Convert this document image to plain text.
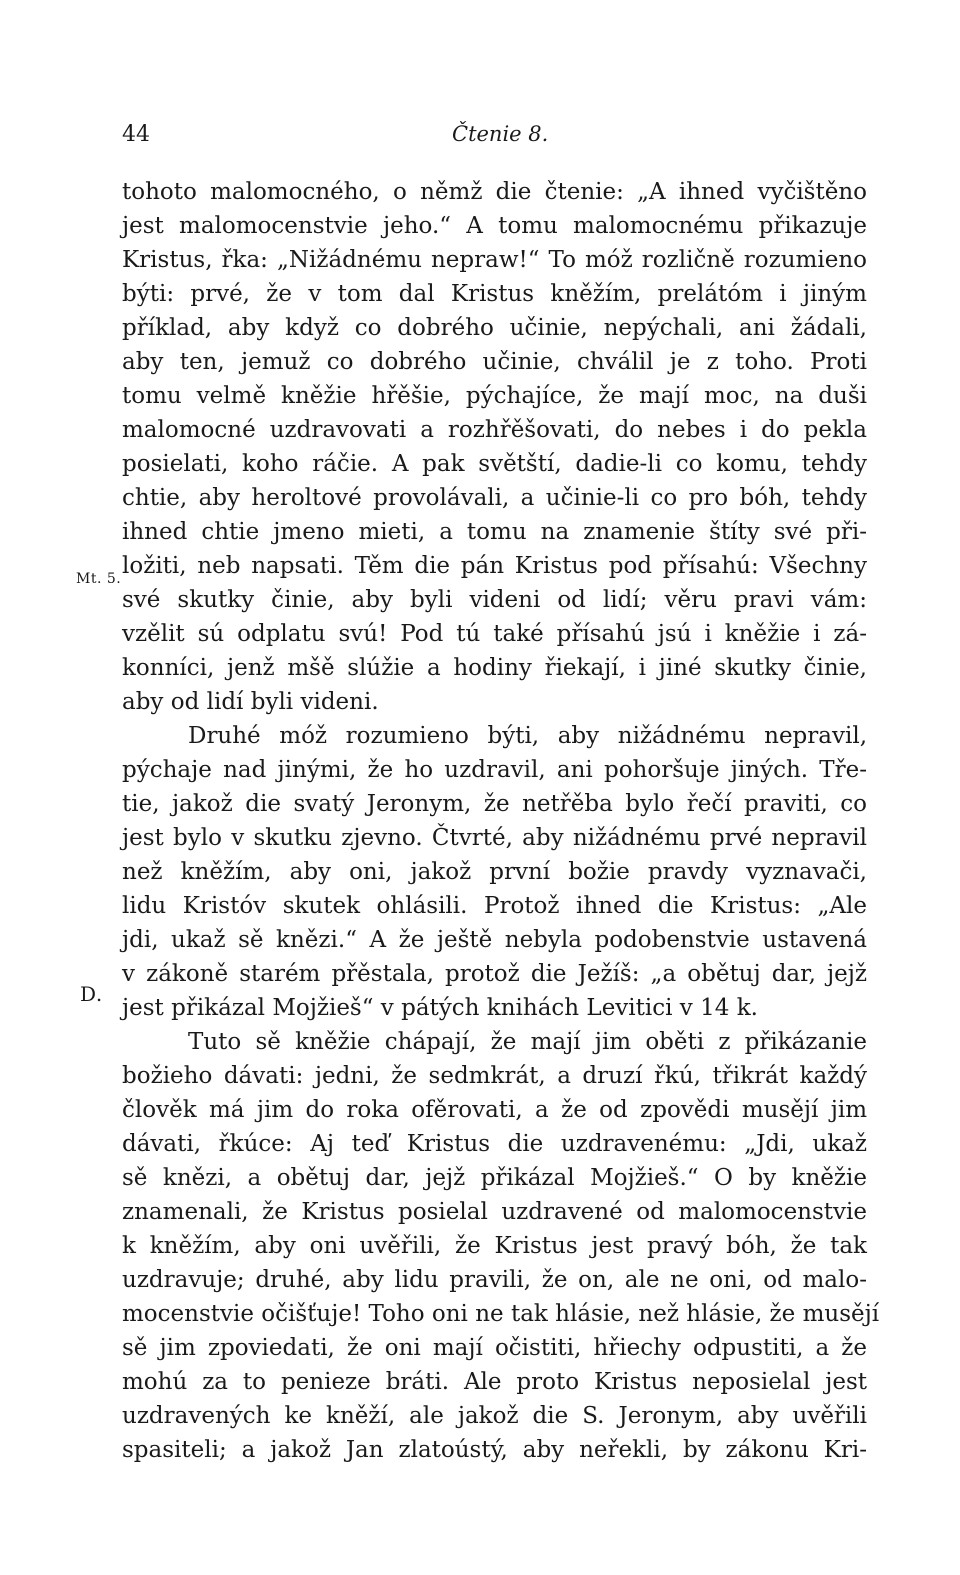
44	Čtenie 8.
tohoto malomocného, o němž die čtenie: „A ihned vyčištěno
jest malomocenstvie jeho.“ A tomu malomocnému přikazuje
Kristus, řka: „Nižádnému nepraw!“ To móž rozličně rozumieno
býti: prvé, že v tom dal Kristus kněžím, prelátóm i jiným
příklad, aby když co dobrého učinie, nepýchali, ani žádali,
aby ten, jemuž co dobrého učinie, chválil je z toho. Proti
tomu velmě kněžie hřěšie, pýchajíce, že mají moc, na duši
malomocné uzdravovati a rozhřěšovati, do nebes i do pekla
posielati, koho ráčie. A pak světští, dadie-li co komu, tehdy
chtie, aby heroltové provolávali, a učinie-li co pro bóh, tehdy
ihned chtie jmeno mieti, a tomu na znamenie štíty své při-
ložiti, neb napsati. Těm die pán Kristus pod přísahú: Všechny
své skutky činie, aby byli videni od lidí; věru pravi vám:
vzělit sú odplatu svú! Pod tú také přísahú jsú i kněžie i zá-
konníci, jenž mšě slúžie a hodiny řiekají, i jiné skutky činie,
aby od lidí byli videni.
Druhé móž rozumieno býti, aby nižádnému nepravil,
pýchaje nad jinými, že ho uzdravil, ani pohoršuje jiných. Tře-
tie, jakož die svatý Jeronym, že netřěba bylo řečí praviti, co
jest bylo v skutku zjevno. Čtvrté, aby nižádnému prvé nepravil
než kněžím, aby oni, jakož první božie pravdy vyznavači,
lidu Kristóv skutek ohlásili. Protož ihned die Kristus: „Ale
jdi, ukaž sě knězi.“ A že ještě nebyla podobenstvie ustavená
v zákoně starém přěstala, protož die Ježíš: „a obětuj dar, jejž
jest přikázal Mojžieš“ v pátých knihách Levitici v 14 k.
Tuto sě kněžie chápají, že mají jim oběti z přikázanie
božieho dávati: jedni, že sedmkrát, a druzí řkú, třikrát každý
člověk má jim do roka ofěrovati, a že od zpovědi musějí jim
dávati, řkúce: Aj teď Kristus die uzdravenému: „Jdi, ukaž
sě knězi, a obětuj dar, jejž přikázal Mojžieš.“ O by kněžie
znamenali, že Kristus posielal uzdravené od malomocenstvie
k kněžím, aby oni uvěřili, že Kristus jest pravý bóh, že tak
uzdravuje; druhé, aby lidu pravili, že on, ale ne oni, od malo-
mocenstvie očišťuje! Toho oni ne tak hlásie, než hlásie, že musějí
sě jim zpoviedati, že oni mají očistiti, hřiechy odpustiti, a že
mohú za to penieze bráti. Ale proto Kristus neposielal jest
uzdravených ke kněží, ale jakož die S. Jeronym, aby uvěřili
spasiteli; a jakož Jan zlatoústý, aby neřekli, by zákonu Kri-
Mt. 5.
D.
